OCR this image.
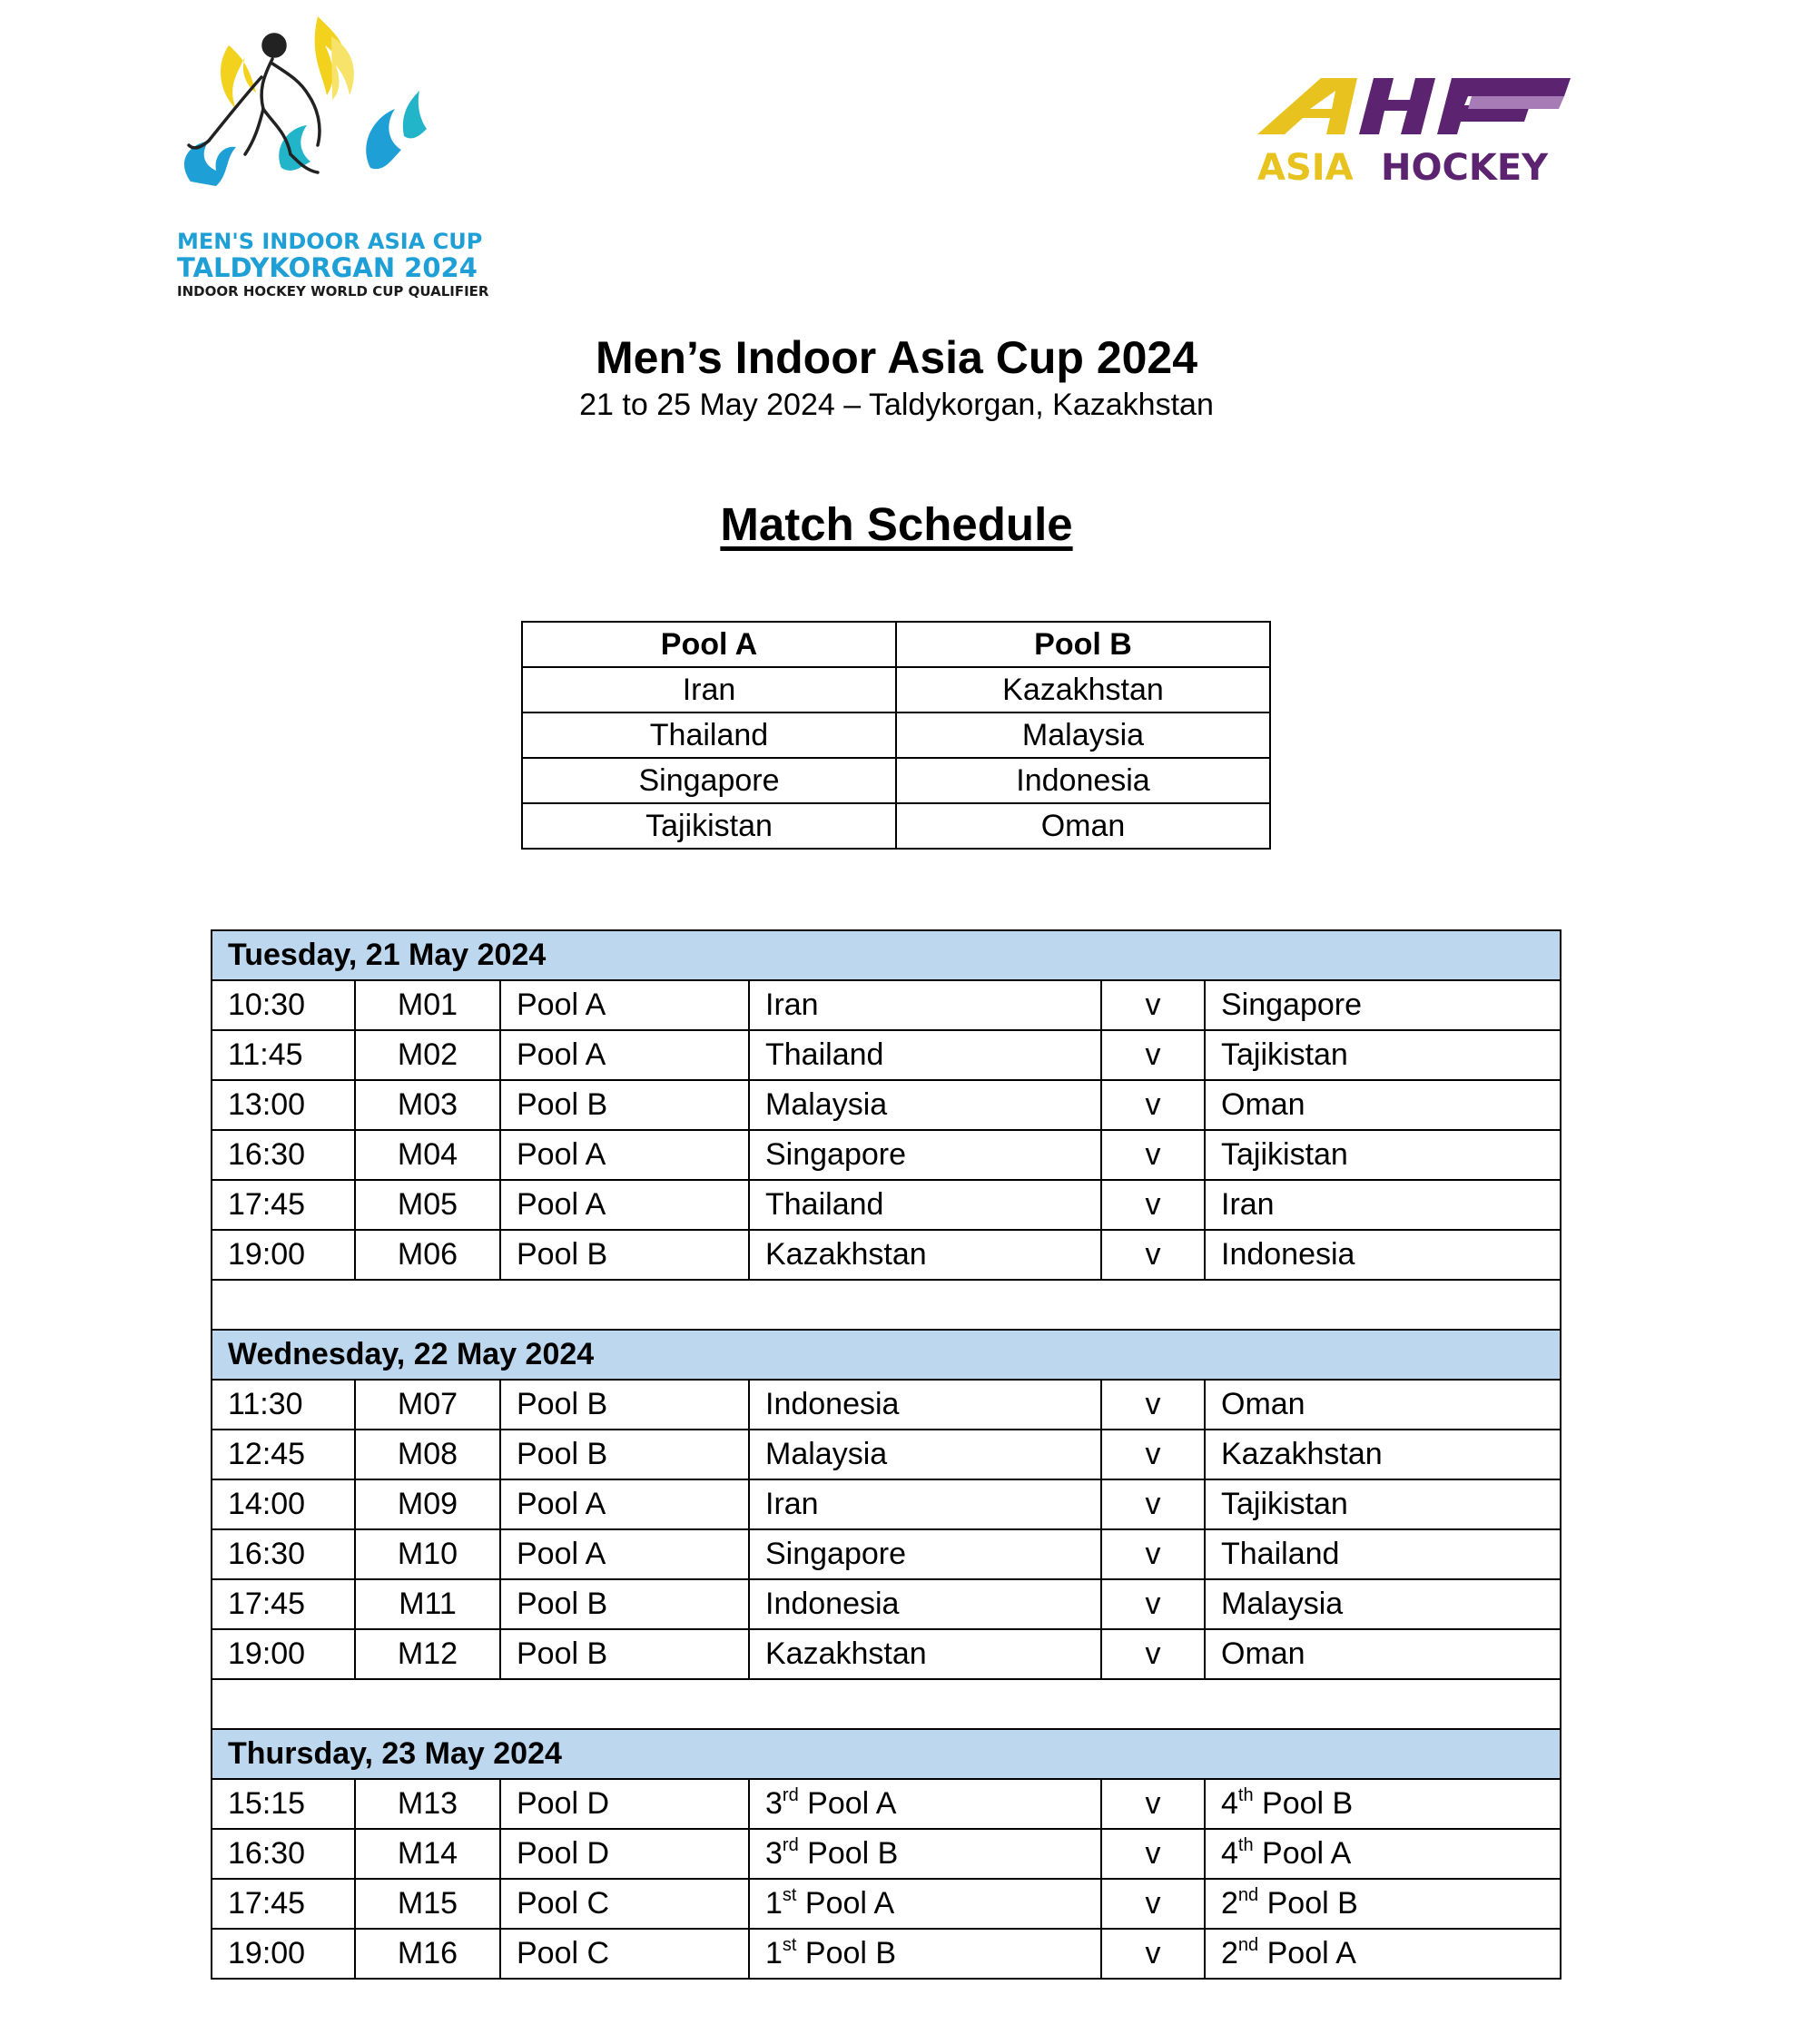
MEN'S INDOOR ASIA CUP
TALDYKORGAN 2024
INDOOR HOCKEY WORLD CUP QUALIFIER
ASIA HOCKEY
Men’s Indoor Asia Cup 2024
21 to 25 May 2024 – Taldykorgan, Kazakhstan
Match Schedule
Pool A	Pool B
Iran	Kazakhstan
Thailand	Malaysia
Singapore	Indonesia
Tajikistan	Oman
Tuesday, 21 May 2024					
10:30	M01	Pool A	Iran	v	Singapore
11:45	M02	Pool A	Thailand	v	Tajikistan
13:00	M03	Pool B	Malaysia	v	Oman
16:30	M04	Pool A	Singapore	v	Tajikistan
17:45	M05	Pool A	Thailand	v	Iran
19:00	M06	Pool B	Kazakhstan	v	Indonesia

Wednesday, 22 May 2024					
11:30	M07	Pool B	Indonesia	v	Oman
12:45	M08	Pool B	Malaysia	v	Kazakhstan
14:00	M09	Pool A	Iran	v	Tajikistan
16:30	M10	Pool A	Singapore	v	Thailand
17:45	M11	Pool B	Indonesia	v	Malaysia
19:00	M12	Pool B	Kazakhstan	v	Oman

Thursday, 23 May 2024					
15:15	M13	Pool D	3rd Pool A	v	4th Pool B
16:30	M14	Pool D	3rd Pool B	v	4th Pool A
17:45	M15	Pool C	1st Pool A	v	2nd Pool B
19:00	M16	Pool C	1st Pool B	v	2nd Pool A
